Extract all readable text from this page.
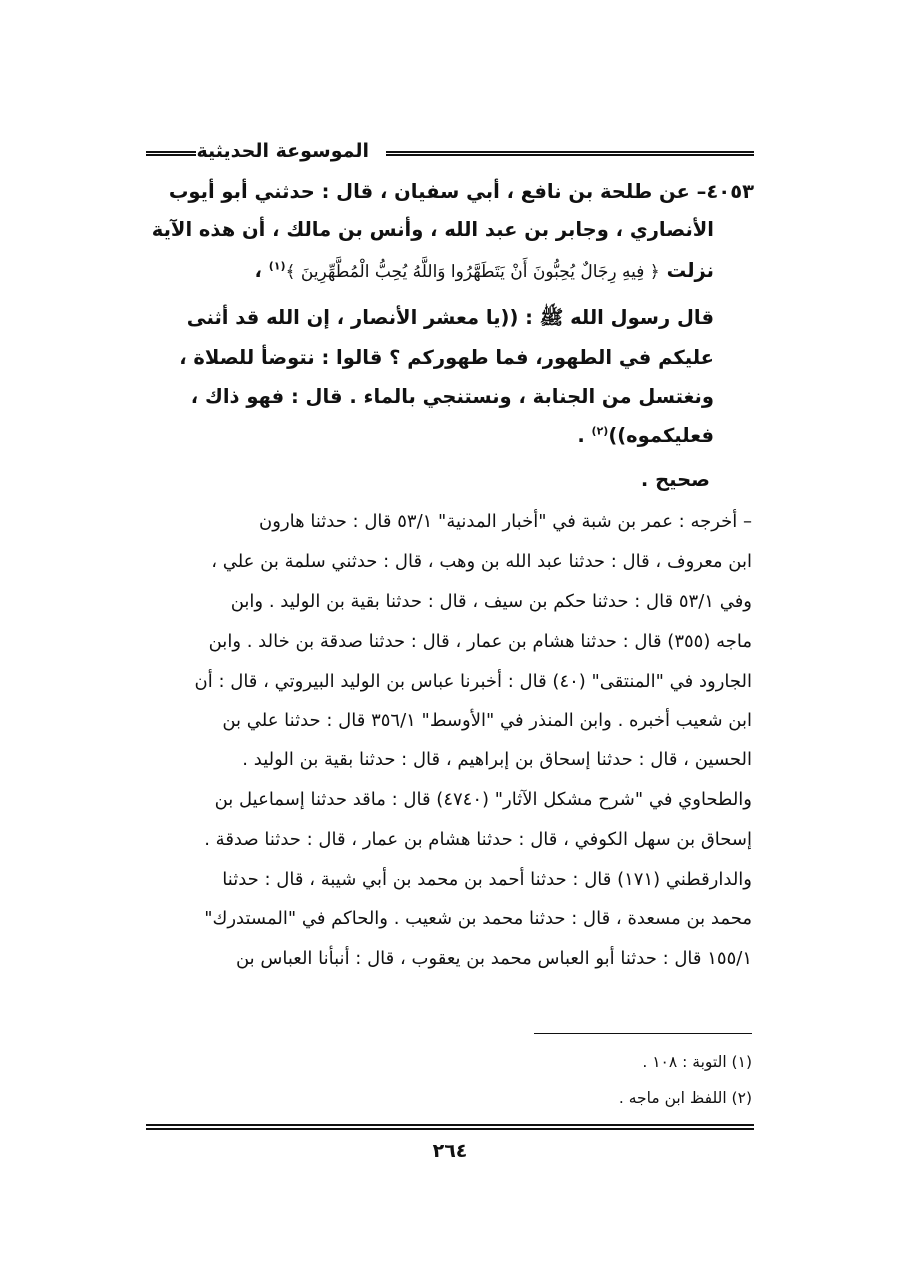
الموسوعة الحديثية
٤٠٥٣– عن طلحة بن نافع ، أبي سفيان ، قال : حدثني أبو أيوب
الأنصاري ، وجابر بن عبد الله ، وأنس بن مالك ، أن هذه الآية
نزلت ﴿ فِيهِ رِجَالٌ يُحِبُّونَ أَنْ يَتَطَهَّرُوا وَاللَّهُ يُحِبُّ الْمُطَّهِّرِينَ ﴾$^{(١)}$ ،
قال رسول الله ﷺ : ((يا معشر الأنصار ، إن الله قد أثنى
عليكم في الطهور، فما طهوركم ؟ قالوا : نتوضأ للصلاة ،
ونغتسل من الجنابة ، ونستنجي بالماء . قال : فهو ذاك ،
فعليكموه))$^{(٢)}$ .
صحيح .
– أخرجه : عمر بن شبة في "أخبار المدنية" ٥٣/١ قال : حدثنا هارون
ابن معروف ، قال : حدثنا عبد الله بن وهب ، قال : حدثني سلمة بن علي ،
وفي ٥٣/١ قال : حدثنا حكم بن سيف ، قال : حدثنا بقية بن الوليد . وابن
ماجه (٣٥٥) قال : حدثنا هشام بن عمار ، قال : حدثنا صدقة بن خالد . وابن
الجارود في "المنتقى" (٤٠) قال : أخبرنا عباس بن الوليد البيروتي ، قال : أن
ابن شعيب أخبره . وابن المنذر في "الأوسط" ٣٥٦/١ قال : حدثنا علي بن
الحسين ، قال : حدثنا إسحاق بن إبراهيم ، قال : حدثنا بقية بن الوليد .
والطحاوي في "شرح مشكل الآثار" (٤٧٤٠) قال : ماقد حدثنا إسماعيل بن
إسحاق بن سهل الكوفي ، قال : حدثنا هشام بن عمار ، قال : حدثنا صدقة .
والدارقطني (١٧١) قال : حدثنا أحمد بن محمد بن أبي شيبة ، قال : حدثنا
محمد بن مسعدة ، قال : حدثنا محمد بن شعيب . والحاكم في "المستدرك"
١٥٥/١ قال : حدثنا أبو العباس محمد بن يعقوب ، قال : أنبأنا العباس بن
(١) التوبة : ١٠٨ .
(٢) اللفظ ابن ماجه .
٢٦٤
